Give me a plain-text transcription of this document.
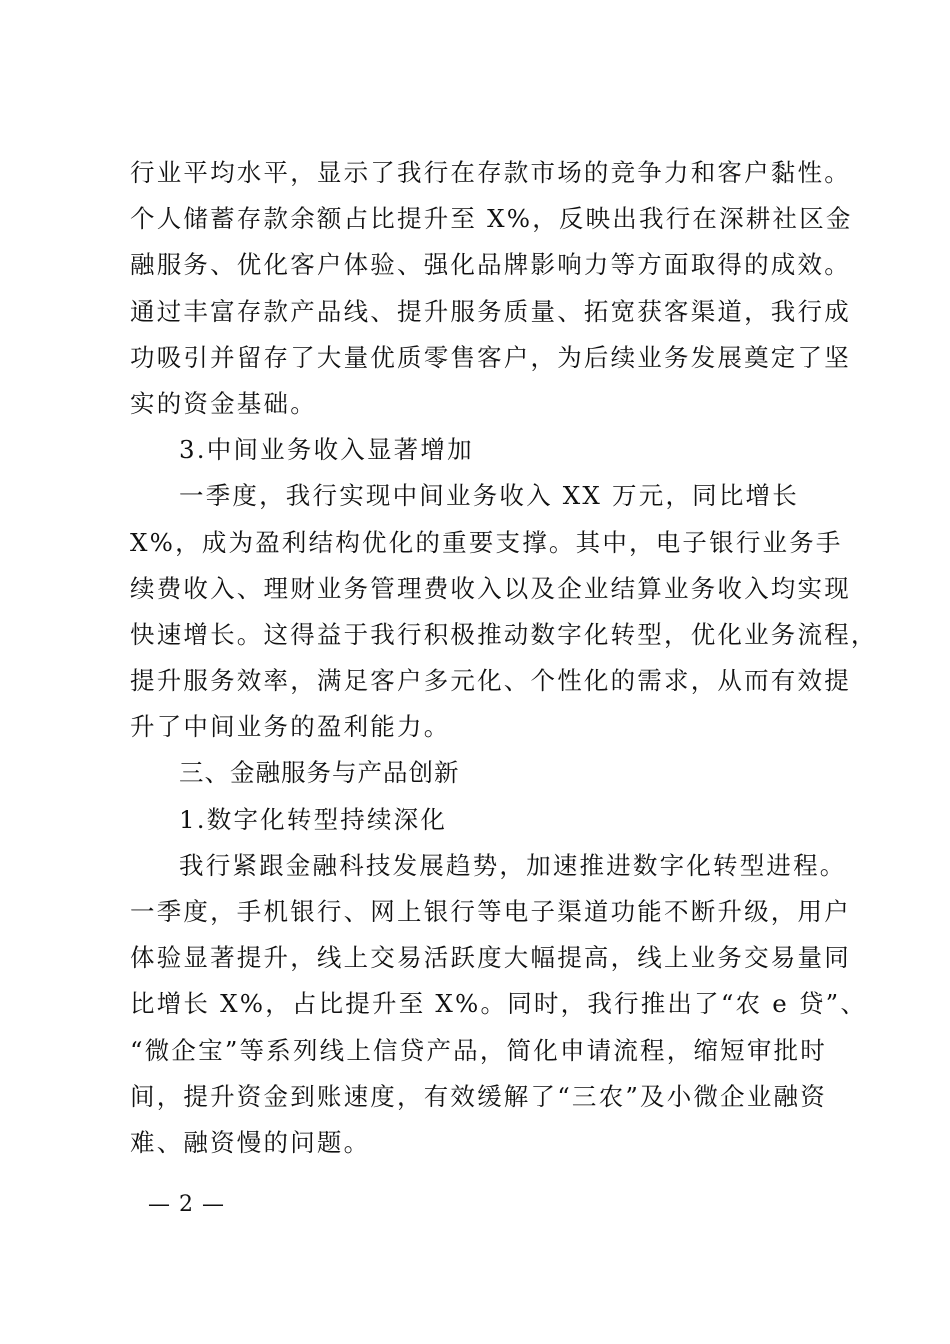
行业平均水平，显示了我行在存款市场的竞争力和客户黏性。
个人储蓄存款余额占比提升至 X%，反映出我行在深耕社区金
融服务、优化客户体验、强化品牌影响力等方面取得的成效。
通过丰富存款产品线、提升服务质量、拓宽获客渠道，我行成
功吸引并留存了大量优质零售客户，为后续业务发展奠定了坚
实的资金基础。
3.中间业务收入显著增加
一季度，我行实现中间业务收入 XX 万元，同比增长
X%，成为盈利结构优化的重要支撑。其中，电子银行业务手
续费收入、理财业务管理费收入以及企业结算业务收入均实现
快速增长。这得益于我行积极推动数字化转型，优化业务流程，
提升服务效率，满足客户多元化、个性化的需求，从而有效提
升了中间业务的盈利能力。
三、金融服务与产品创新
1.数字化转型持续深化
我行紧跟金融科技发展趋势，加速推进数字化转型进程。
一季度，手机银行、网上银行等电子渠道功能不断升级，用户
体验显著提升，线上交易活跃度大幅提高，线上业务交易量同
比增长 X%，占比提升至 X%。同时，我行推出了“农 e 贷”、
“微企宝”等系列线上信贷产品，简化申请流程，缩短审批时
间，提升资金到账速度，有效缓解了“三农”及小微企业融资
难、融资慢的问题。
— 2 —
